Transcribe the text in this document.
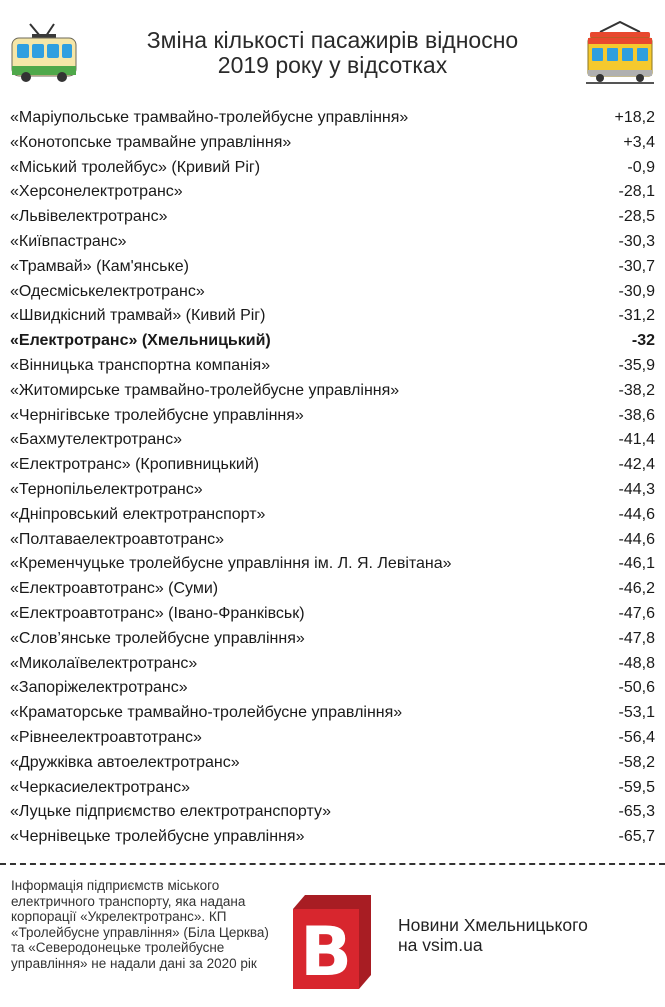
Зміна кількості пасажирів відносно
2019 року у відсотках
«Маріупольське трамвайно-тролейбусне управління»	+18,2
«Конотопське трамвайне управління»	+3,4
«Міський тролейбус» (Кривий Ріг)	-0,9
«Херсонелектротранс»	-28,1
«Львівелектротранс»	-28,5
«Київпастранс»	-30,3
«Трамвай» (Кам'янське)	-30,7
«Одесміськелектротранс»	-30,9
«Швидкісний трамвай» (Кивий Ріг)	-31,2
«Електротранс» (Хмельницький)	-32
«Вінницька транспортна компанія»	-35,9
«Житомирське трамвайно-тролейбусне управління»	-38,2
«Чернігівське тролейбусне управління»	-38,6
«Бахмутелектротранс»	-41,4
«Електротранс» (Кропивницький)	-42,4
«Тернопільелектротранс»	-44,3
«Дніпровський електротранспорт»	-44,6
«Полтаваелектроавтотранс»	-44,6
«Кременчуцьке тролейбусне управління ім. Л. Я. Левітана»	-46,1
«Електроавтотранс» (Суми)	-46,2
«Електроавтотранс» (Івано-Франківськ)	-47,6
«Слов’янське тролейбусне управління»	-47,8
«Миколаївелектротранс»	-48,8
«Запоріжелектротранс»	-50,6
«Краматорське трамвайно-тролейбусне управління»	-53,1
«Рівнеелектроавтотранс»	-56,4
«Дружківка автоелектротранс»	-58,2
«Черкасиелектротранс»	-59,5
«Луцьке підприємство електротранспорту»	-65,3
«Чернівецьке тролейбусне управління»	-65,7
Інформація підприємств міського електричного транспорту, яка надана корпорації «Укрелектротранс». КП «Тролейбусне управління» (Біла Церква) та «Северодонецьке тролейбусне управління» не надали дані за 2020 рік B	Новини Хмельницького
на vsim.ua
